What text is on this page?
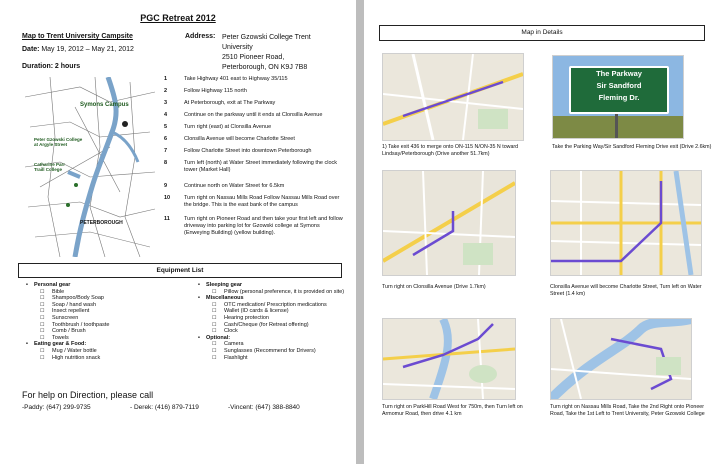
PGC Retreat 2012
Map to Trent University Campsite
Date: May 19, 2012 – May 21, 2012
Duration: 2 hours
Address: Peter Gzowski College Trent
University
2510 Pioneer Road,
Peterborough, ON K9J 7B8
Symons Campus
Peter Gzowski College at Argyle Street
Catharine Parr Traill College
PETERBOROUGH
1	Take Highway 401 east to Highway 35/115
2	Follow Highway 115 north
3	At Peterborough, exit at The Parkway
4	Continue on the parkway until it ends at Clonsilla Avenue
5	Turn right (east) at Clonsilla Avenue
6	Clonsilla Avenue will become Charlotte Street
7	Follow Charlotte Street into downtown Peterborough
8	Turn left (north) at Water Street immediately following the clock tower (Market Hall)
9	Continue north on Water Street for 6.5km
10	Turn right on Nassau Mills Road Follow Nassau Mills Road over the bridge. This is the east bank of the campus
11	Turn right on Pioneer Road and then take your first left and follow driveway into parking lot for Gzowski college at Symons (Enweying Building) (yellow building).
Equipment List
• Personal gear
☐ Bible
☐ Shampoo/Body Soap
☐ Soap / hand wash
☐ Insect repellent
☐ Sunscreen
☐ Toothbrush / toothpaste
☐ Comb / Brush
☐ Towels
• Eating gear & Food:
☐ Mug / Water bottle
☐ High nutrition snack
• Sleeping gear
☐ Pillow (personal preference, it is provided on site)
• Miscellaneous
☐ OTC medication/ Prescription medications
☐ Wallet (ID cards & license)
☐ Hearing protection
☐ Cash/Cheque (for Retreat offering)
☐ Clock
• Optional:
☐ Camera
☐ Sunglasses (Recommend for Drivers)
☐ Flashlight
For help on Direction, please call
-Paddy: (647) 299-9735	- Derek: (416) 879-7119	-Vincent: (647) 388-8840
Map in Details
The Parkway
Sir Sandford
Fleming Dr.
1) Take exit 436 to merge onto ON-115 N/ON-35 N toward Lindsay/Peterborough (Drive another 51.7km)
Take the Parking Way/Sir Sandford Fleming Drive exit (Drive 2.6km)
Turn right on Clonsilla Avenue (Drive 1.7km)	Clonsilla Avenue will become Charlotte Street, Turn left on Water Street (1.4 km)
Turn right on ParkHill Road West for 750m, then Turn left on Armomur Road, then drive 4.1 km
Turn right on Nassau Mills Road, Take the 2nd Right onto Pioneer Road, Take the 1st Left to Trent University, Peter Gzowski College
